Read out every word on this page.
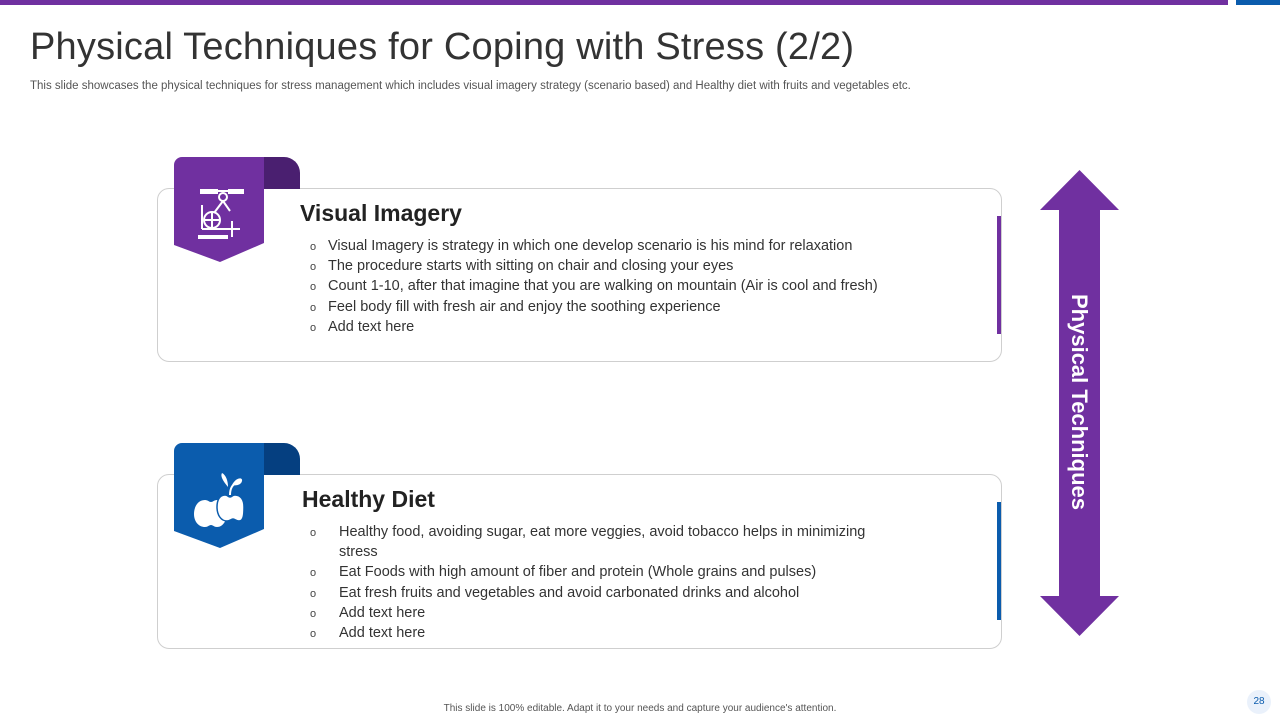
Physical Techniques for Coping with Stress (2/2)

This slide showcases the physical techniques for stress management which includes visual imagery strategy (scenario based) and Healthy diet with fruits and vegetables etc.

Visual Imagery
o Visual Imagery is strategy in which one develop scenario is his mind for relaxation
o The procedure starts with sitting on chair and closing your eyes
o Count 1-10, after that imagine that you are walking on mountain (Air is cool and fresh)
o Feel body fill with fresh air and enjoy the soothing experience
o Add text here
Healthy Diet
o Healthy food, avoiding sugar, eat more veggies, avoid tobacco helps in minimizing stress
o Eat Foods with high amount of fiber and protein (Whole grains and pulses)
o Eat fresh fruits and vegetables and avoid carbonated drinks and alcohol
o Add text here
o Add text here
Physical Techniques
This slide is 100% editable. Adapt it to your needs and capture your audience's attention.
28
